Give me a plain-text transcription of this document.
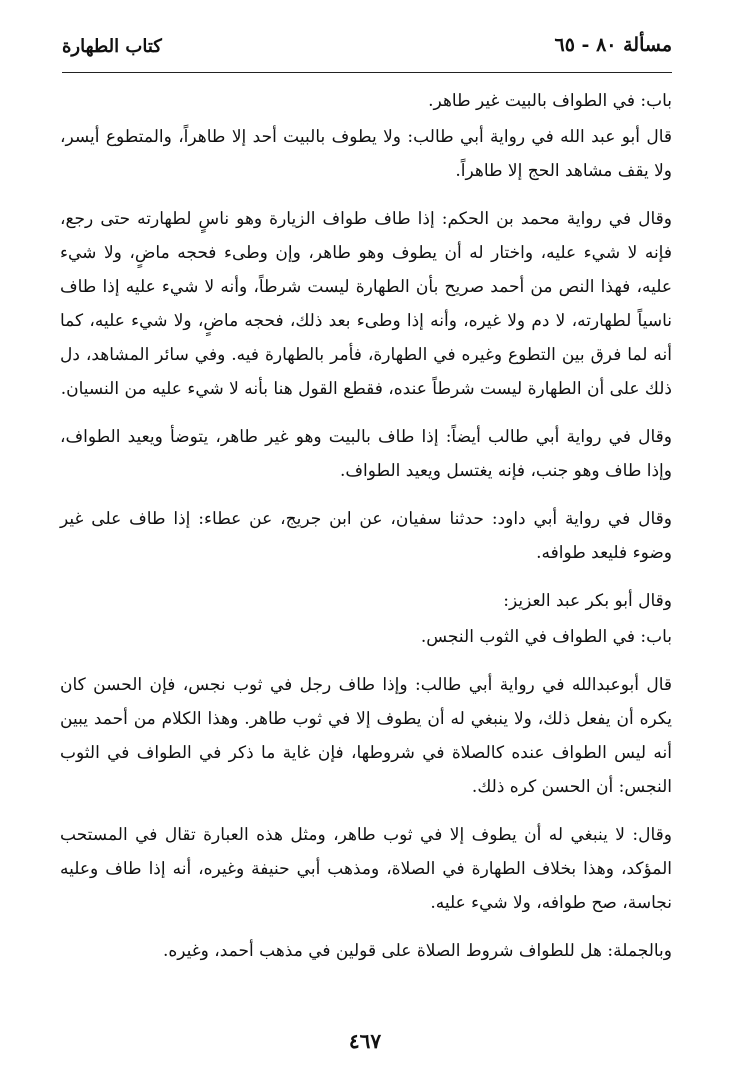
مسألة ٨٠ - ٦٥
كتاب الطهارة

باب: في الطواف بالبيت غير طاهر.

قال أبو عبد الله في رواية أبي طالب: ولا يطوف بالبيت أحد إلا طاهراً، والمتطوع أيسر، ولا يقف مشاهد الحج إلا طاهراً.

وقال في رواية محمد بن الحكم: إذا طاف طواف الزيارة وهو ناسٍ لطهارته حتى رجع، فإنه لا شيء عليه، واختار له أن يطوف وهو طاهر، وإن وطىء فحجه ماضٍ، ولا شيء عليه، فهذا النص من أحمد صريح بأن الطهارة ليست شرطاً، وأنه لا شيء عليه إذا طاف ناسياً لطهارته، لا دم ولا غيره، وأنه إذا وطىء بعد ذلك، فحجه ماضٍ، ولا شيء عليه، كما أنه لما فرق بين التطوع وغيره في الطهارة، فأمر بالطهارة فيه. وفي سائر المشاهد، دل ذلك على أن الطهارة ليست شرطاً عنده، فقطع القول هنا بأنه لا شيء عليه من النسيان.

وقال في رواية أبي طالب أيضاً: إذا طاف بالبيت وهو غير طاهر، يتوضأ ويعيد الطواف، وإذا طاف وهو جنب، فإنه يغتسل ويعيد الطواف.

وقال في رواية أبي داود: حدثنا سفيان، عن ابن جريج، عن عطاء: إذا طاف على غير وضوء فليعد طوافه.

وقال أبو بكر عبد العزيز:

باب: في الطواف في الثوب النجس.

قال أبوعبدالله في رواية أبي طالب: وإذا طاف رجل في ثوب نجس، فإن الحسن كان يكره أن يفعل ذلك، ولا ينبغي له أن يطوف إلا في ثوب طاهر. وهذا الكلام من أحمد يبين أنه ليس الطواف عنده كالصلاة في شروطها، فإن غاية ما ذكر في الطواف في الثوب النجس: أن الحسن كره ذلك.

وقال: لا ينبغي له أن يطوف إلا في ثوب طاهر، ومثل هذه العبارة تقال في المستحب المؤكد، وهذا بخلاف الطهارة في الصلاة، ومذهب أبي حنيفة وغيره، أنه إذا طاف وعليه نجاسة، صح طوافه، ولا شيء عليه.

وبالجملة: هل للطواف شروط الصلاة على قولين في مذهب أحمد، وغيره.

٤٦٧
